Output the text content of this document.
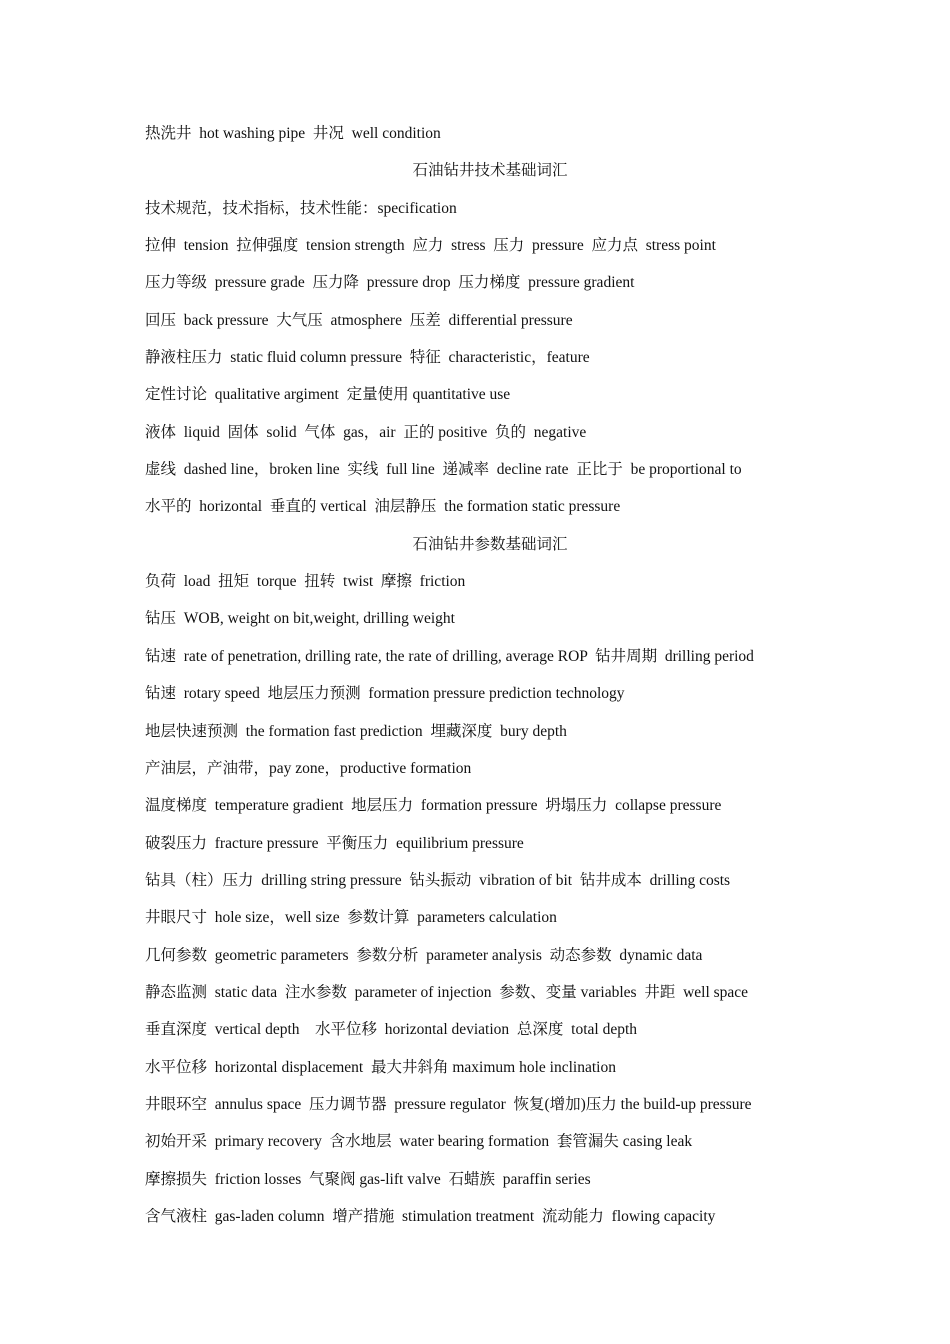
热洗井  hot washing pipe  井况  well condition
石油钻井技术基础词汇
技术规范，技术指标，技术性能：specification
拉伸  tension  拉伸强度  tension strength  应力  stress  压力  pressure  应力点  stress point
压力等级  pressure grade  压力降  pressure drop  压力梯度  pressure gradient
回压  back pressure  大气压  atmosphere  压差  differential pressure
静液柱压力  static fluid column pressure  特征  characteristic，feature
定性讨论  qualitative argiment  定量使用 quantitative use
液体  liquid  固体  solid  气体  gas，air  正的 positive  负的  negative
虚线  dashed line，broken line  实线  full line  递减率  decline rate  正比于  be proportional to
水平的  horizontal  垂直的 vertical  油层静压  the formation static pressure
石油钻井参数基础词汇
负荷  load  扭矩  torque  扭转  twist  摩擦  friction
钻压  WOB, weight on bit,weight, drilling weight
钻速  rate of penetration, drilling rate, the rate of drilling, average ROP  钻井周期  drilling period
钻速  rotary speed  地层压力预测  formation pressure prediction technology
地层快速预测  the formation fast prediction  埋藏深度  bury depth
产油层，产油带，pay zone，productive formation
温度梯度  temperature gradient  地层压力  formation pressure  坍塌压力  collapse pressure
破裂压力  fracture pressure  平衡压力  equilibrium pressure
钻具（柱）压力  drilling string pressure  钻头振动  vibration of bit  钻井成本  drilling costs
井眼尺寸  hole size，well size  参数计算  parameters calculation
几何参数  geometric parameters  参数分析  parameter analysis  动态参数  dynamic data
静态监测  static data  注水参数  parameter of injection  参数、变量 variables  井距  well space
垂直深度  vertical depth    水平位移  horizontal deviation  总深度  total depth
水平位移  horizontal displacement  最大井斜角 maximum hole inclination
井眼环空  annulus space  压力调节器  pressure regulator  恢复(增加)压力 the build-up pressure
初始开采  primary recovery  含水地层  water bearing formation  套管漏失 casing leak
摩擦损失  friction losses  气聚阀 gas-lift valve  石蜡族  paraffin series
含气液柱  gas-laden column  增产措施  stimulation treatment  流动能力  flowing capacity
